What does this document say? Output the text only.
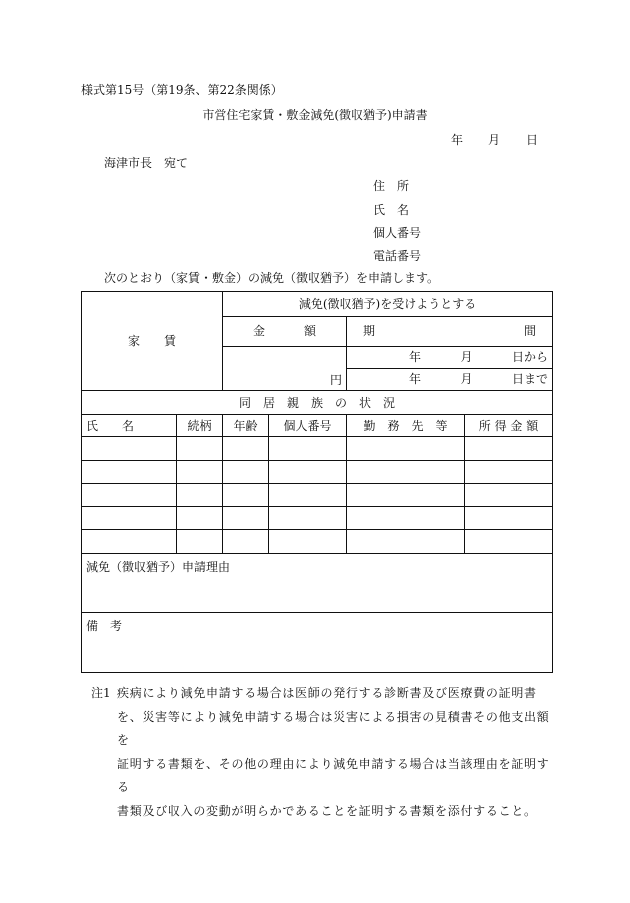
様式第15号（第19条、第22条関係）
市営住宅家賃・敷金減免(徴収猶予)申請書
年 月 日
海津市長　宛て
住　所
氏　名
個人番号
電話番号
次のとおり（家賃・敷金）の減免（徴収猶予）を申請します。
家　　賃		減免(徴収猶予)を受けようとする			

		金 額		期 間	

		円		年 月 日から	

				年 月 日まで	

同　居　親　族　の　状　況					
氏　　名	続柄	年齢	個人番号	勤　務　先　等	所 得 金 額

減免（徴収猶予）申請理由					
備　考					
注1 疾病により減免申請する場合は医師の発行する診断書及び医療費の証明書
を、災害等により減免申請する場合は災害による損害の見積書その他支出額を
証明する書類を、その他の理由により減免申請する場合は当該理由を証明する
書類及び収入の変動が明らかであることを証明する書類を添付すること。
